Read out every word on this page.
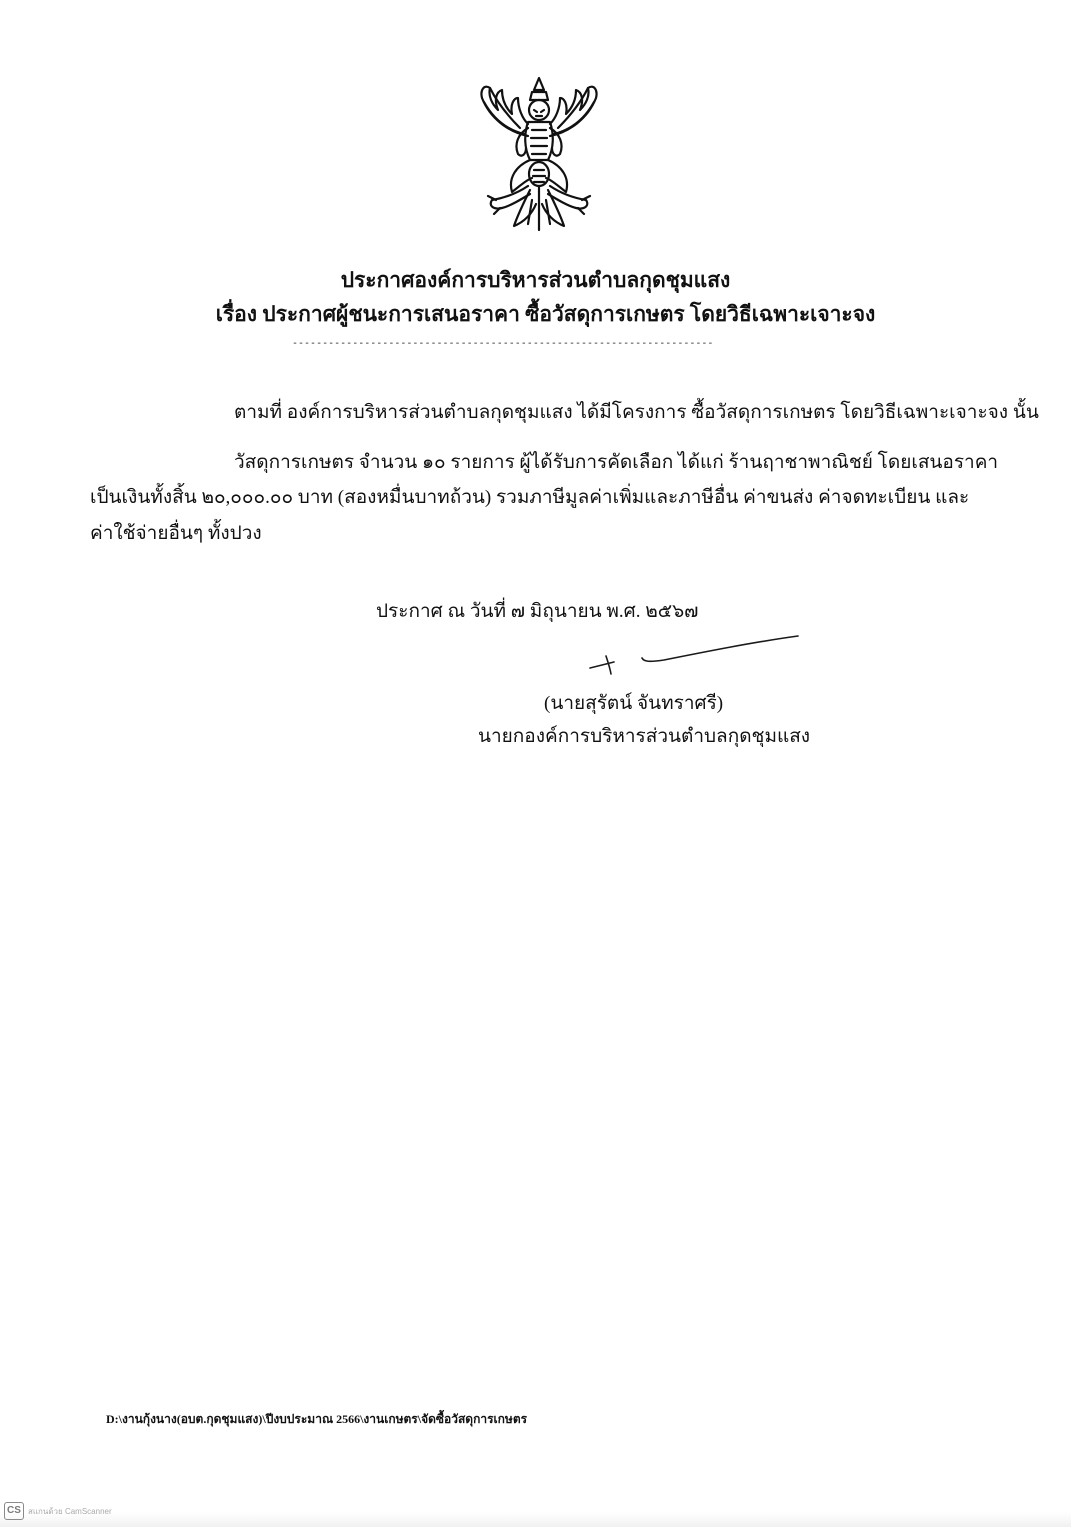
ประกาศองค์การบริหารส่วนตำบลกุดชุมแสง
เรื่อง ประกาศผู้ชนะการเสนอราคา ซื้อวัสดุการเกษตร โดยวิธีเฉพาะเจาะจง
----------------------------------------------------------------------
ตามที่ องค์การบริหารส่วนตำบลกุดชุมแสง ได้มีโครงการ ซื้อวัสดุการเกษตร โดยวิธีเฉพาะเจาะจง นั้น
วัสดุการเกษตร จำนวน ๑๐ รายการ ผู้ได้รับการคัดเลือก ได้แก่ ร้านฤาชาพาณิชย์ โดยเสนอราคา
เป็นเงินทั้งสิ้น ๒๐,๐๐๐.๐๐ บาท (สองหมื่นบาทถ้วน) รวมภาษีมูลค่าเพิ่มและภาษีอื่น ค่าขนส่ง ค่าจดทะเบียน และ
ค่าใช้จ่ายอื่นๆ ทั้งปวง
ประกาศ ณ วันที่ ๗ มิถุนายน พ.ศ. ๒๕๖๗
(นายสุรัตน์ จันทราศรี)
นายกองค์การบริหารส่วนตำบลกุดชุมแสง
D:\งานกุ้งนาง(อบต.กุดชุมแสง)\ปีงบประมาณ 2566\งานเกษตร\จัดซื้อวัสดุการเกษตร
CS สแกนด้วย CamScanner
